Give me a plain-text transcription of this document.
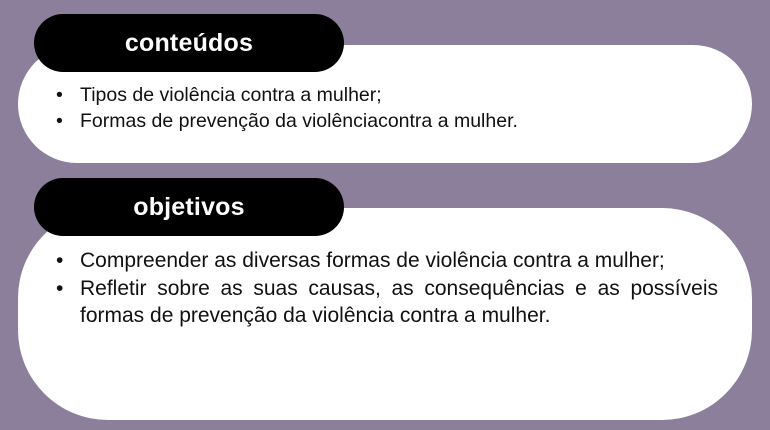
• Tipos de violência contra a mulher;
• Formas de prevenção da violênciacontra a mulher.
conteúdos
• Compreender as diversas formas de violência contra a mulher;
• Refletir sobre as suas causas, as consequências e as possíveis formas de prevenção da violência contra a mulher.
objetivos
